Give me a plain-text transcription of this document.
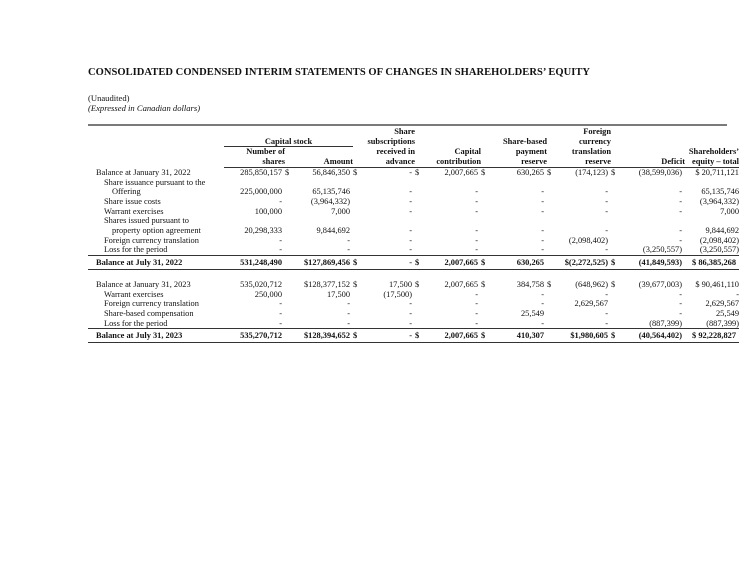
CONSOLIDATED CONDENSED INTERIM STATEMENTS OF CHANGES IN SHAREHOLDERS’ EQUITY
(Unaudited)
(Expressed in Canadian dollars)
			Share			Foreign		
	Capital stock		subscriptions		Share-based	currency		
	Number of		received in	Capital	payment	translation		Shareholders’
	shares	Amount	advance	contribution	reserve	reserve	Deficit	equity – total
Balance at January 31, 2022	285,850,157	$ 56,846,350	$ -	$ 2,007,665	$ 630,265	$ (174,123)	$ (38,599,036)	$ 20,711,121
Share issuance pursuant to the								
Offering	225,000,000	65,135,746	-	-	-	-	-	65,135,746
Share issue costs	-	(3,964,332)	-	-	-	-	-	(3,964,332)
Warrant exercises	100,000	7,000	-	-	-	-	-	7,000
Shares issued pursuant to								
property option agreement	20,298,333	9,844,692	-	-	-	-	-	9,844,692
Foreign currency translation	-	-	-	-	-	(2,098,402)	-	(2,098,402)
Loss for the period	-	-	-	-	-	-	(3,250,557)	(3,250,557)
Balance at July 31, 2022	531,248,490	$127,869,456	$ -	$ 2,007,665	$ 630,265	$(2,272,525)	$ (41,849,593)	$ 86,385,268

Balance at January 31, 2023	535,020,712	$128,377,152	$ 17,500	$ 2,007,665	$ 384,758	$ (648,962)	$ (39,677,003)	$ 90,461,110
Warrant exercises	250,000	17,500	(17,500)	-	-	-	-	-
Foreign currency translation	-	-	-	-	-	2,629,567	-	2,629,567
Share-based compensation	-	-	-	-	25,549	-	-	25,549
Loss for the period	-	-	-	-	-	-	(887,399)	(887,399)
Balance at July 31, 2023	535,270,712	$128,394,652	$ -	$ 2,007,665	$ 410,307	$1,980,605	$ (40,564,402)	$ 92,228,827
